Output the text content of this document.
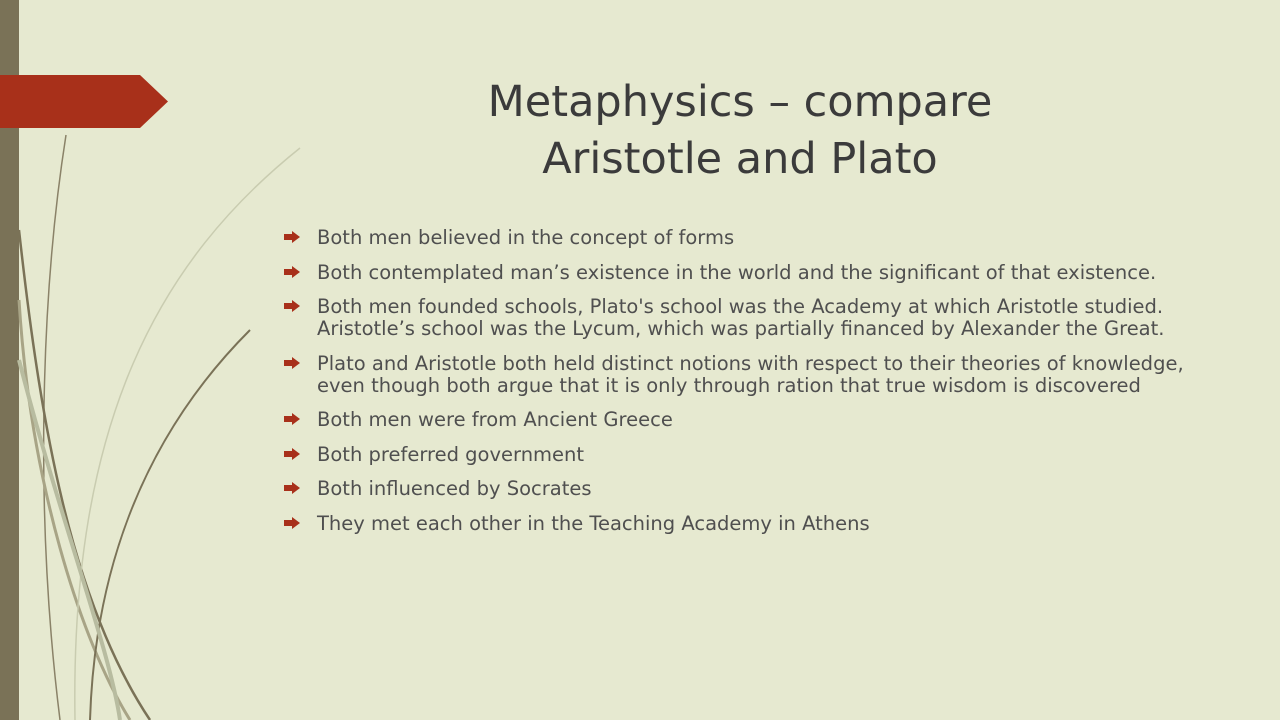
Metaphysics – compare
Aristotle and Plato
Both men believed in the concept of forms
Both contemplated man’s existence in the world and the significant of that existence.
Both men founded schools, Plato's school was the Academy at which Aristotle studied. Aristotle’s school was the Lycum, which was partially financed by Alexander the Great.
Plato and Aristotle both held distinct notions with respect to their theories of knowledge, even though both argue that it is only through ration that true wisdom is discovered
Both men were from Ancient Greece
Both preferred government
Both influenced by Socrates
They met each other in the Teaching Academy in Athens
